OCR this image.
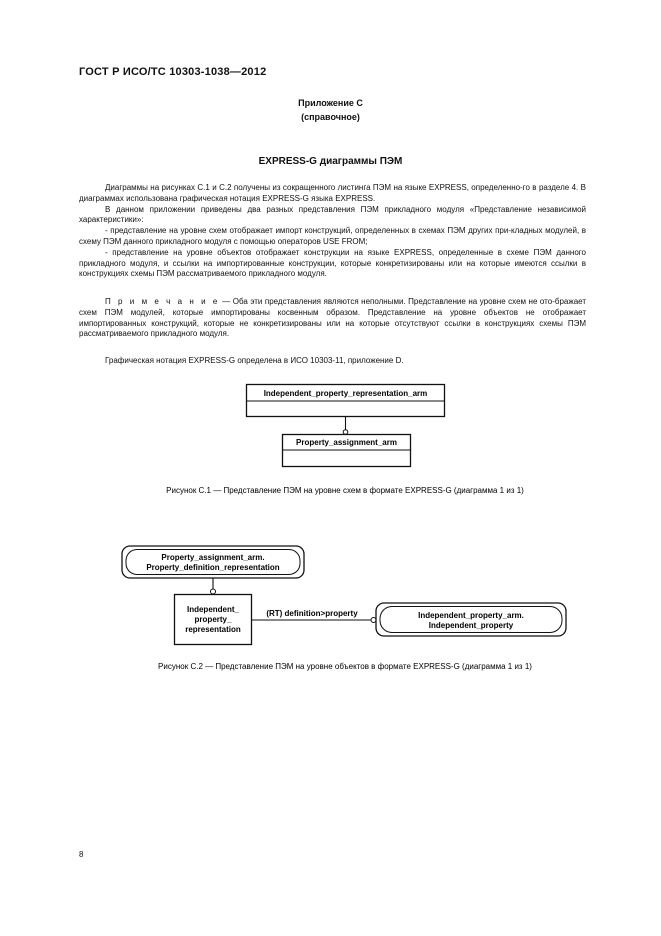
ГОСТ Р ИСО/ТС 10303-1038—2012
Приложение С
(справочное)
EXPRESS-G диаграммы ПЭМ

Диаграммы на рисунках С.1 и С.2 получены из сокращенного листинга ПЭМ на языке EXPRESS, определенно-го в разделе 4. В диаграммах использована графическая нотация EXPRESS-G языка EXPRESS.

В данном приложении приведены два разных представления ПЭМ прикладного модуля «Представление независимой характеристики»:

- представление на уровне схем отображает импорт конструкций, определенных в схемах ПЭМ других при-кладных модулей, в схему ПЭМ данного прикладного модуля с помощью операторов USE FROM;

- представление на уровне объектов отображает конструкции на языке EXPRESS, определенные в схеме ПЭМ данного прикладного модуля, и ссылки на импортированные конструкции, которые конкретизированы или на которые имеются ссылки в конструкциях схемы ПЭМ рассматриваемого прикладного модуля.

П р и м е ч а н и е — Оба эти представления являются неполными. Представление на уровне схем не ото-бражает схем ПЭМ модулей, которые импортированы косвенным образом. Представление на уровне объектов не отображает импортированных конструкций, которые не конкретизированы или на которые отсутствуют ссылки в конструкциях схемы ПЭМ рассматриваемого прикладного модуля.

Графическая нотация EXPRESS-G определена в ИСО 10303-11, приложение D.

Independent_property_representation_arm
Property_assignment_arm
Рисунок С.1 — Представление ПЭМ на уровне схем в формате EXPRESS-G (диаграмма 1 из 1)
Property_assignment_arm.
Property_definition_representation
Independent_
property_
representation
(RT) definition>property	Independent_property_arm.
Independent_property
Рисунок С.2 — Представление ПЭМ на уровне объектов в формате EXPRESS-G (диаграмма 1 из 1)
8
